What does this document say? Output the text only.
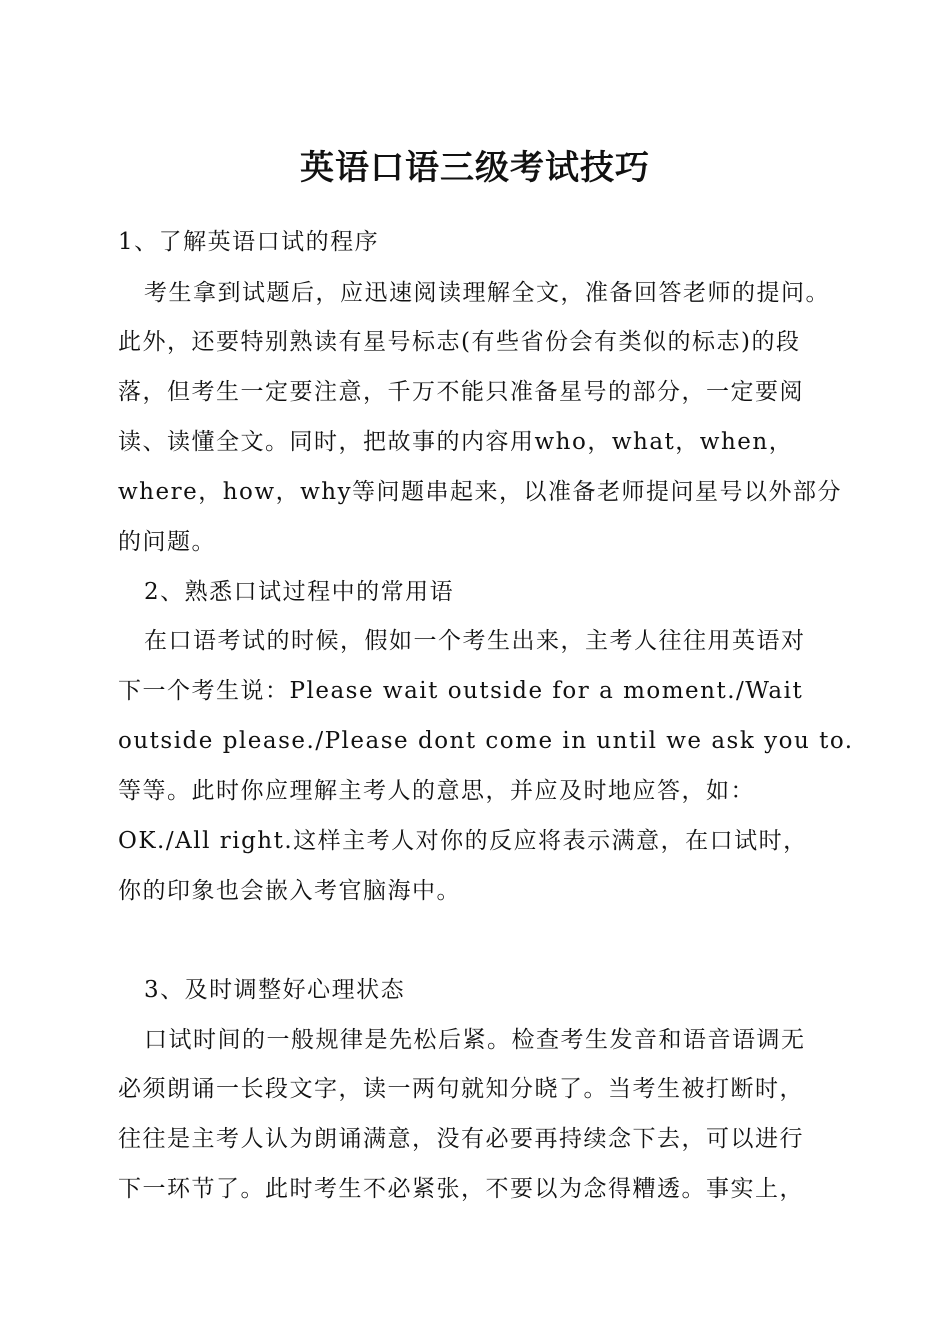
英语口语三级考试技巧
1、了解英语口试的程序
考生拿到试题后，应迅速阅读理解全文，准备回答老师的提问。
此外，还要特别熟读有星号标志(有些省份会有类似的标志)的段
落，但考生一定要注意，千万不能只准备星号的部分，一定要阅
读、读懂全文。同时，把故事的内容用who，what，when，
where，how，why等问题串起来，以准备老师提问星号以外部分
的问题。
2、熟悉口试过程中的常用语
在口语考试的时候，假如一个考生出来，主考人往往用英语对
下一个考生说：Please wait outside for a moment./Wait
outside please./Please dont come in until we ask you to.
等等。此时你应理解主考人的意思，并应及时地应答，如：
OK./All right.这样主考人对你的反应将表示满意，在口试时，
你的印象也会嵌入考官脑海中。
3、及时调整好心理状态
口试时间的一般规律是先松后紧。检查考生发音和语音语调无
必须朗诵一长段文字，读一两句就知分晓了。当考生被打断时，
往往是主考人认为朗诵满意，没有必要再持续念下去，可以进行
下一环节了。此时考生不必紧张，不要以为念得糟透。事实上，
